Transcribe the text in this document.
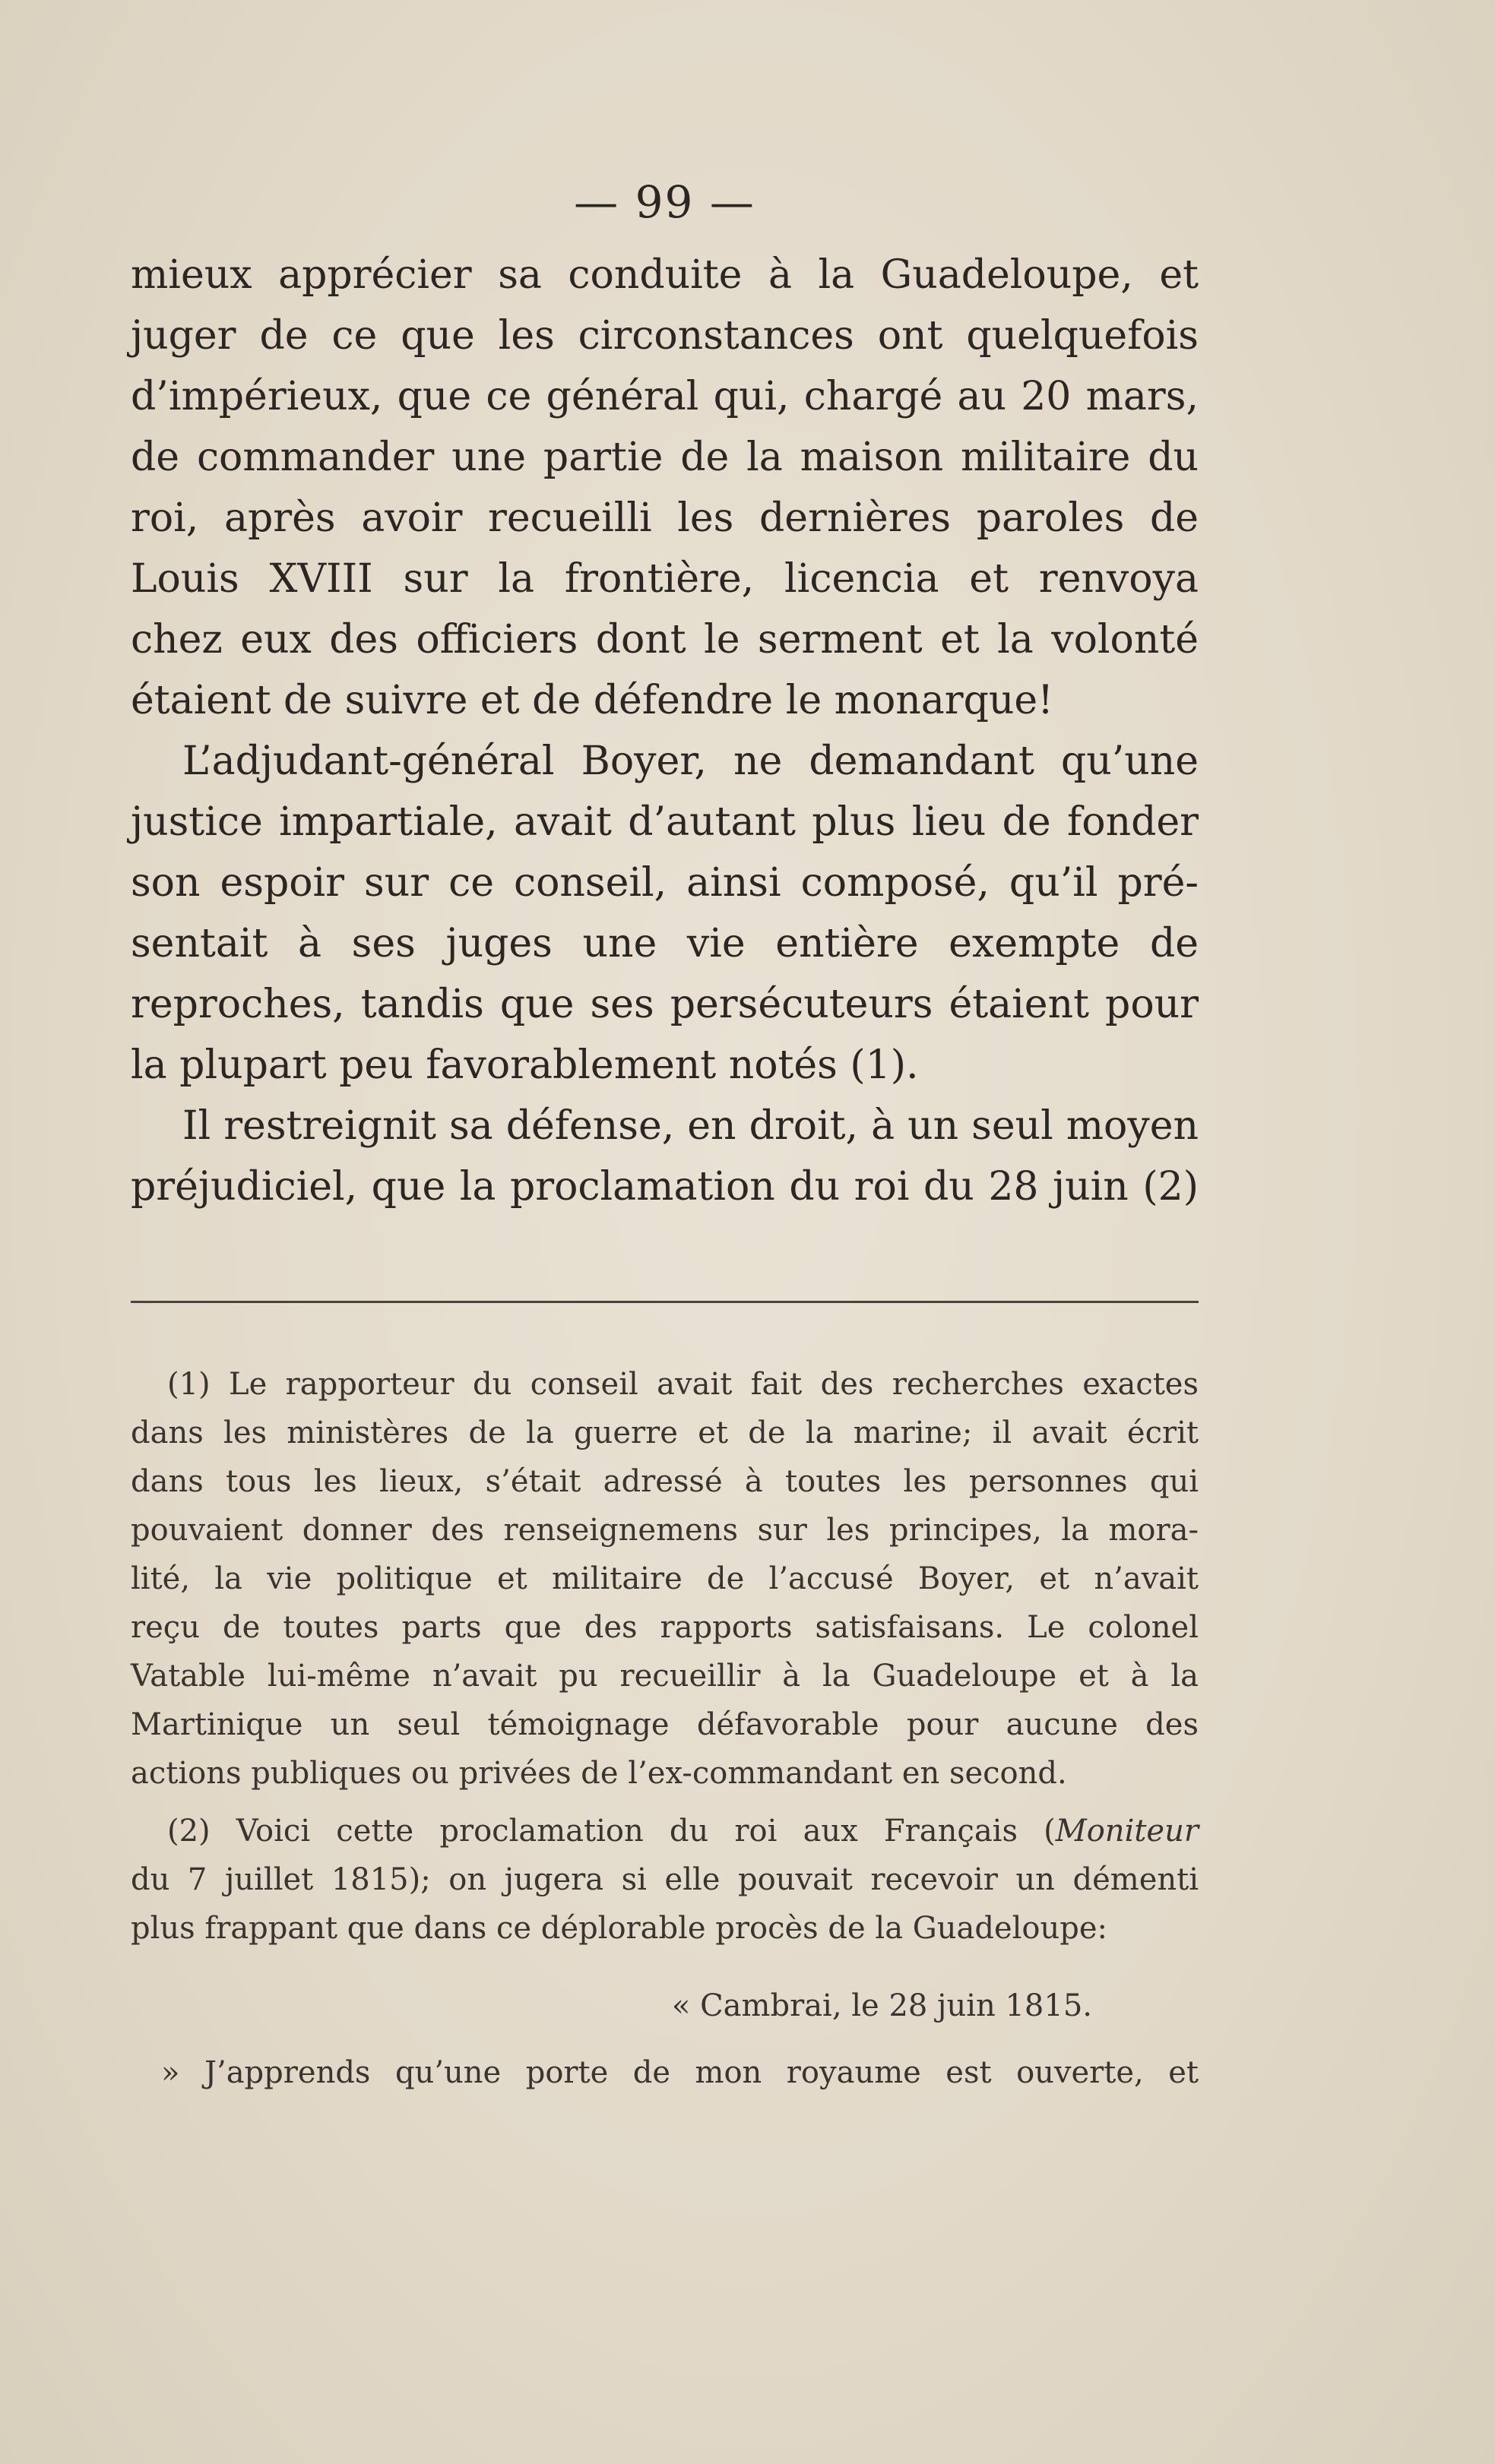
— 99 —

mieux apprécier sa conduite à la Guadeloupe, et

juger de ce que les circonstances ont quelquefois

d’impérieux, que ce général qui, chargé au 20 mars,

de commander une partie de la maison militaire du

roi, après avoir recueilli les dernières paroles de

Louis XVIII sur la frontière, licencia et renvoya

chez eux des officiers dont le serment et la volonté

étaient de suivre et de défendre le monarque!

L’adjudant-général Boyer, ne demandant qu’une

justice impartiale, avait d’autant plus lieu de fonder

son espoir sur ce conseil, ainsi composé, qu’il pré-

sentait à ses juges une vie entière exempte de

reproches, tandis que ses persécuteurs étaient pour

la plupart peu favorablement notés (1).

Il restreignit sa défense, en droit, à un seul moyen

préjudiciel, que la proclamation du roi du 28 juin (2)

(1) Le rapporteur du conseil avait fait des recherches exactes

dans les ministères de la guerre et de la marine; il avait écrit

dans tous les lieux, s’était adressé à toutes les personnes qui

pouvaient donner des renseignemens sur les principes, la mora-

lité, la vie politique et militaire de l’accusé Boyer, et n’avait

reçu de toutes parts que des rapports satisfaisans. Le colonel

Vatable lui-même n’avait pu recueillir à la Guadeloupe et à la

Martinique un seul témoignage défavorable pour aucune des

actions publiques ou privées de l’ex-commandant en second.

(2) Voici cette proclamation du roi aux Français (Moniteur

du 7 juillet 1815); on jugera si elle pouvait recevoir un démenti

plus frappant que dans ce déplorable procès de la Guadeloupe:

« Cambrai, le 28 juin 1815.

» J’apprends qu’une porte de mon royaume est ouverte, et
